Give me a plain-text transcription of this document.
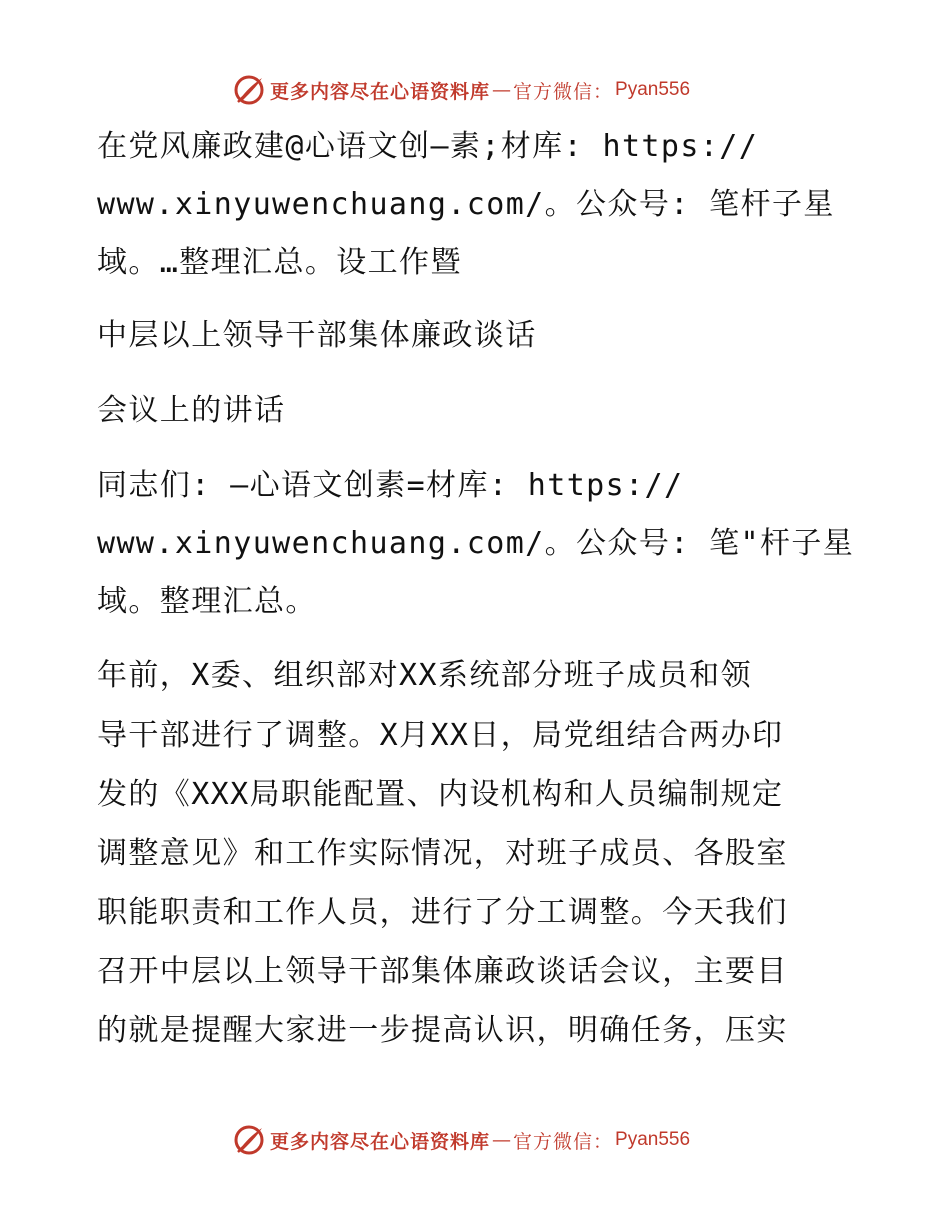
更多内容尽在心语资料库 — 官方微信： Pyan556
在党风廉政建@心语文创—素;材库: https://
www.xinyuwenchuang.com/。公众号: 笔杆子星
域。…整理汇总。设工作暨
中层以上领导干部集体廉政谈话
会议上的讲话
同志们: —心语文创素=材库: https://
www.xinyuwenchuang.com/。公众号: 笔"杆子星
域。整理汇总。
年前，X委、组织部对XX系统部分班子成员和领
导干部进行了调整。X月XX日，局党组结合两办印
发的《XXX局职能配置、内设机构和人员编制规定
调整意见》和工作实际情况，对班子成员、各股室
职能职责和工作人员，进行了分工调整。今天我们
召开中层以上领导干部集体廉政谈话会议，主要目
的就是提醒大家进一步提高认识，明确任务，压实
更多内容尽在心语资料库 — 官方微信： Pyan556
